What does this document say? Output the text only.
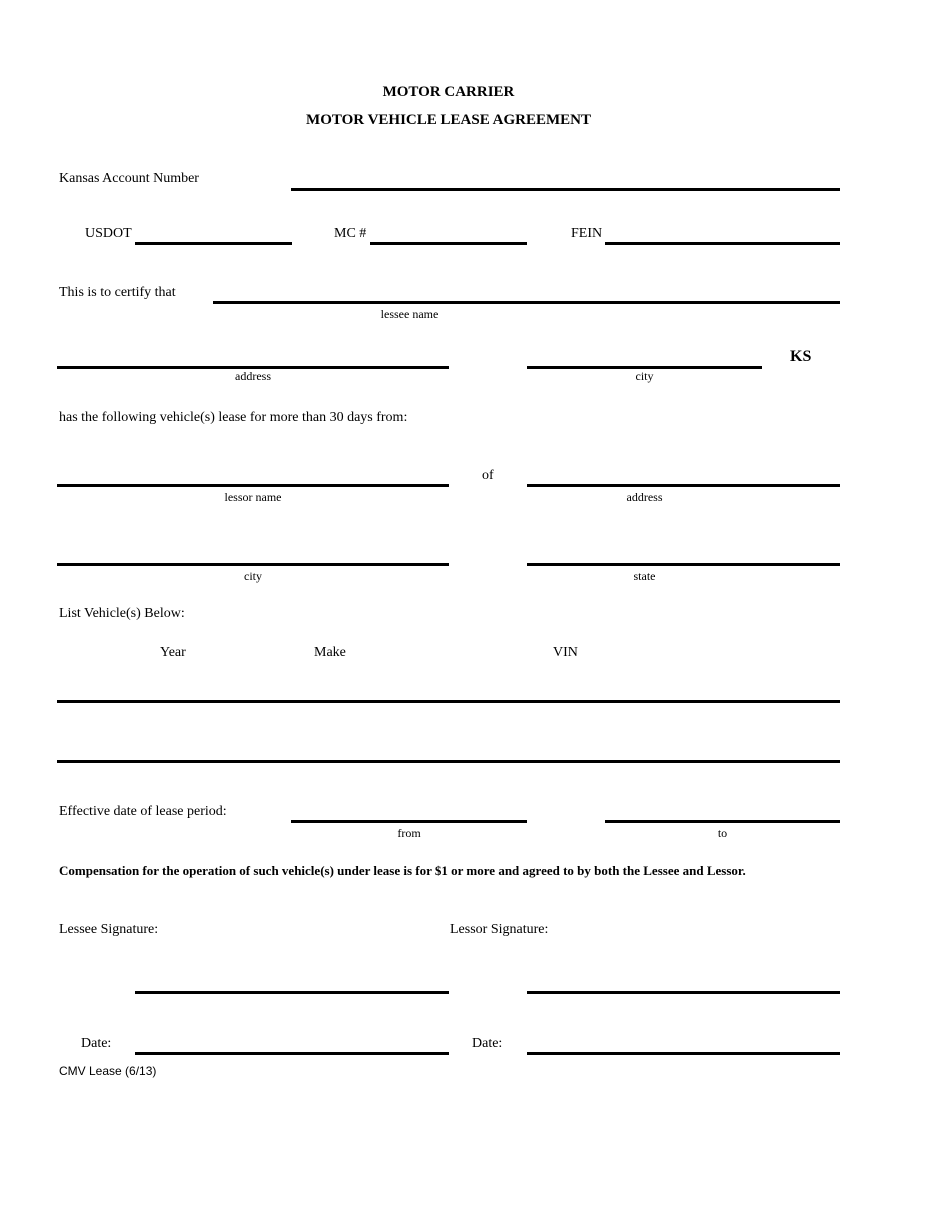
MOTOR CARRIER
MOTOR VEHICLE LEASE AGREEMENT
Kansas Account Number
USDOT	MC #	FEIN
This is to certify that
lessee name
address	city
KS
has the following vehicle(s) lease for more than 30 days from:
lessor name
of
address
city	state
List Vehicle(s) Below:
Year	Make	VIN
Effective date of lease period:
from	to
Compensation for the operation of such vehicle(s) under lease is for $1 or more and agreed to by both the Lessee and Lessor.
Lessee Signature:	Lessor Signature:
Date:	Date:
CMV Lease (6/13)
